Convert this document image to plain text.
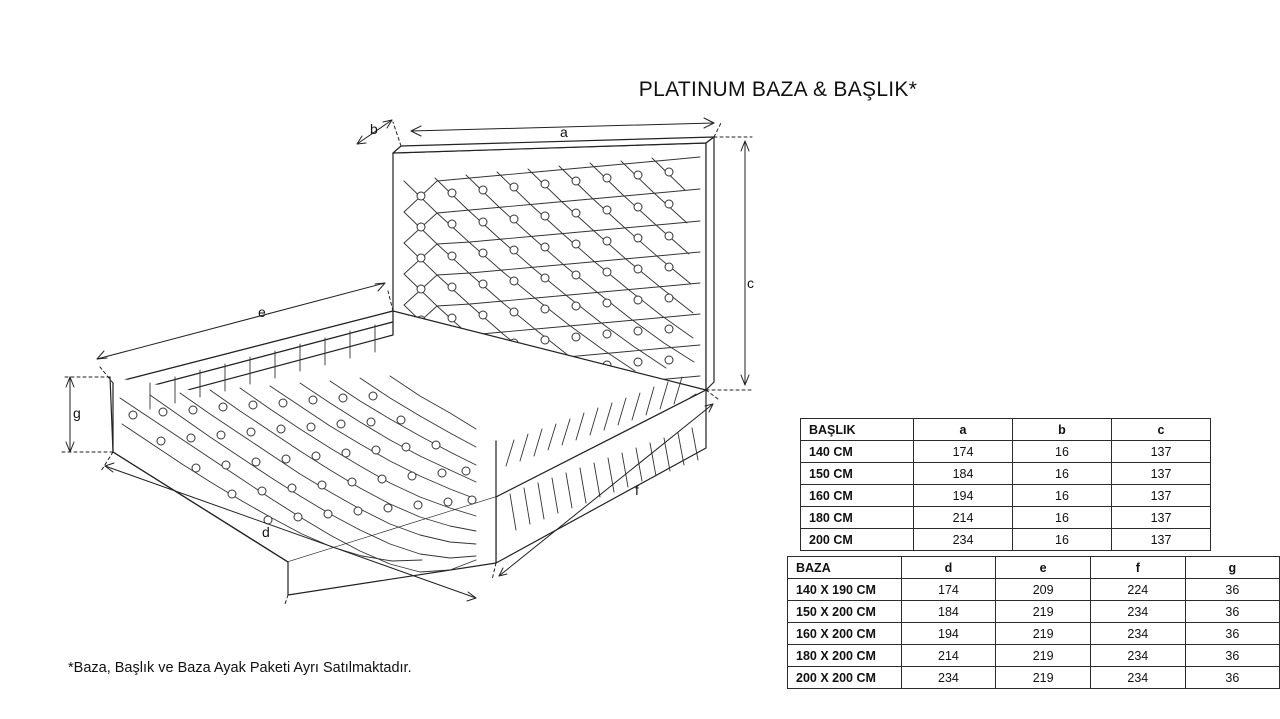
PLATINUM BAZA & BAŞLIK*
a
b
c
d
e
f
g
*Baza, Başlık ve Baza Ayak Paketi Ayrı Satılmaktadır.
BAŞLIK	a	b	c
140 CM	174	16	137
150 CM	184	16	137
160 CM	194	16	137
180 CM	214	16	137
200 CM	234	16	137
BAZA	d	e	f	g
140 X 190 CM	174	209	224	36
150 X 200 CM	184	219	234	36
160 X 200 CM	194	219	234	36
180 X 200 CM	214	219	234	36
200 X 200 CM	234	219	234	36
